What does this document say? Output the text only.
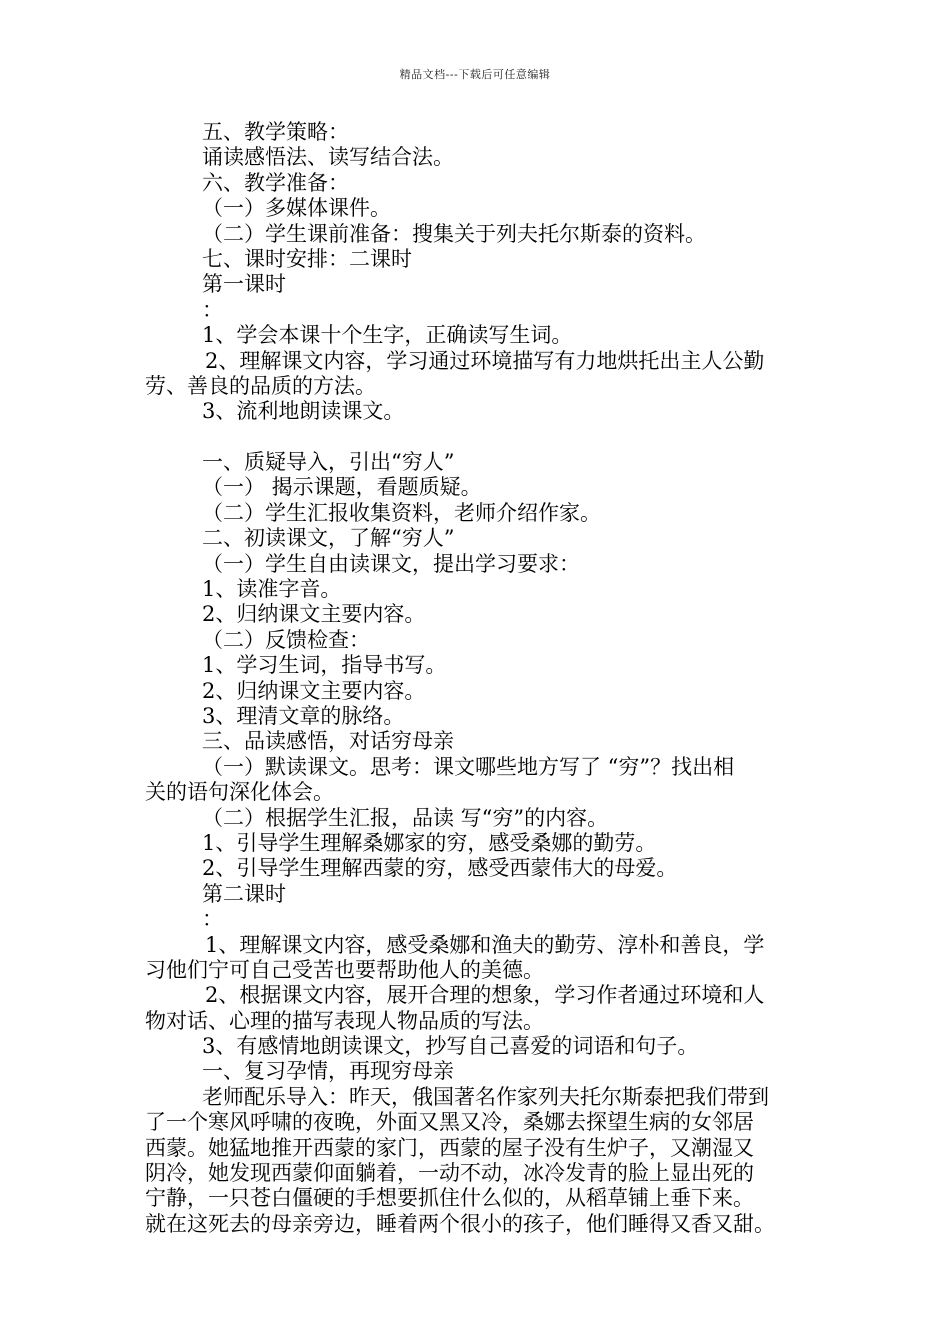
精品文档---下载后可任意编辑
五、教学策略：
诵读感悟法、读写结合法。
六、教学准备：
（一）多媒体课件。
（二）学生课前准备：搜集关于列夫托尔斯泰的资料。
七、课时安排：二课时
第一课时
：
1、学会本课十个生字，正确读写生词。
2、理解课文内容，学习通过环境描写有力地烘托出主人公勤
劳、善良的品质的方法。
3、流利地朗读课文。
一、质疑导入，引出“穷人”
（一） 揭示课题，看题质疑。
（二）学生汇报收集资料，老师介绍作家。
二、初读课文，了解“穷人”
（一）学生自由读课文，提出学习要求：
1、读准字音。
2、归纳课文主要内容。
（二）反馈检查：
1、学习生词，指导书写。
2、归纳课文主要内容。
3、理清文章的脉络。
三、品读感悟，对话穷母亲
（一）默读课文。思考：课文哪些地方写了 “穷”？找出相
关的语句深化体会。
（二）根据学生汇报，品读 写“穷”的内容。
1、引导学生理解桑娜家的穷，感受桑娜的勤劳。
2、引导学生理解西蒙的穷，感受西蒙伟大的母爱。
第二课时
：
1、理解课文内容，感受桑娜和渔夫的勤劳、淳朴和善良，学
习他们宁可自己受苦也要帮助他人的美德。
2、根据课文内容，展开合理的想象，学习作者通过环境和人
物对话、心理的描写表现人物品质的写法。
3、有感情地朗读课文，抄写自己喜爱的词语和句子。
一、复习孕情，再现穷母亲
老师配乐导入：昨天，俄国著名作家列夫托尔斯泰把我们带到
了一个寒风呼啸的夜晚，外面又黑又冷，桑娜去探望生病的女邻居
西蒙。她猛地推开西蒙的家门，西蒙的屋子没有生炉子，又潮湿又
阴冷，她发现西蒙仰面躺着，一动不动，冰冷发青的脸上显出死的
宁静，一只苍白僵硬的手想要抓住什么似的，从稻草铺上垂下来。
就在这死去的母亲旁边，睡着两个很小的孩子，他们睡得又香又甜。
